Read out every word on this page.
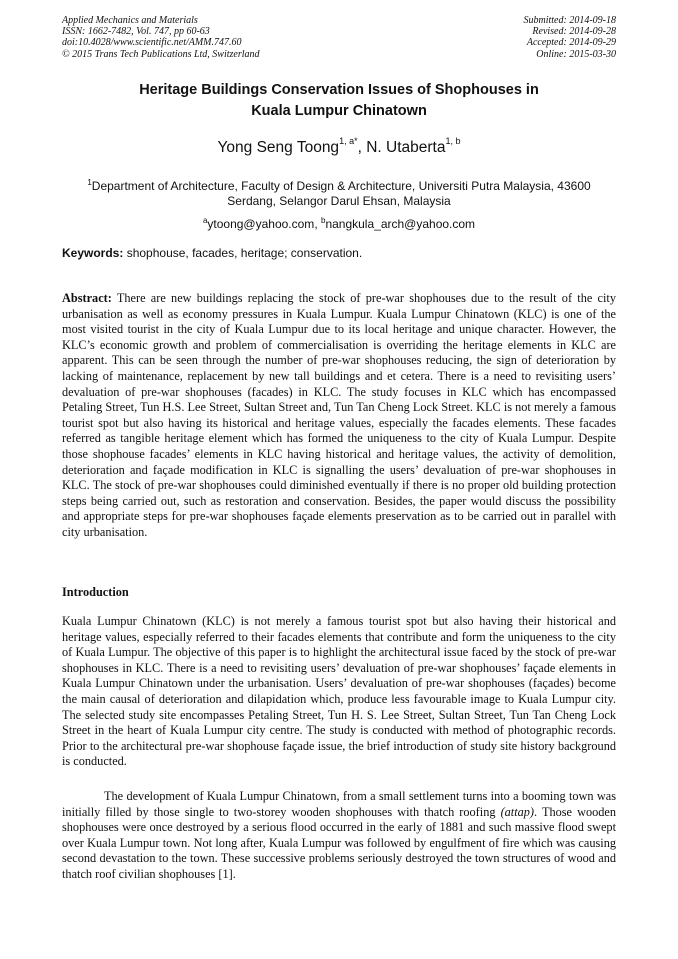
Applied Mechanics and Materials
ISSN: 1662-7482, Vol. 747, pp 60-63
doi:10.4028/www.scientific.net/AMM.747.60
© 2015 Trans Tech Publications Ltd, Switzerland
Submitted: 2014-09-18
Revised: 2014-09-28
Accepted: 2014-09-29
Online: 2015-03-30
Heritage Buildings Conservation Issues of Shophouses in
Kuala Lumpur Chinatown
Yong Seng Toong$^{1, a*}$, N. Utaberta$^{1, b}$
$^1$Department of Architecture, Faculty of Design & Architecture, Universiti Putra Malaysia, 43600
Serdang, Selangor Darul Ehsan, Malaysia
$^a$ytoong@yahoo.com, $^b$nangkula_arch@yahoo.com
Keywords: shophouse, facades, heritage; conservation.
Abstract: There are new buildings replacing the stock of pre-war shophouses due to the result of the city urbanisation as well as economy pressures in Kuala Lumpur. Kuala Lumpur Chinatown (KLC) is one of the most visited tourist in the city of Kuala Lumpur due to its local heritage and unique character. However, the KLC’s economic growth and problem of commercialisation is overriding the heritage elements in KLC are apparent. This can be seen through the number of pre-war shophouses reducing, the sign of deterioration by lacking of maintenance, replacement by new tall buildings and et cetera. There is a need to revisiting users’ devaluation of pre-war shophouses (facades) in KLC. The study focuses in KLC which has encompassed Petaling Street, Tun H.S. Lee Street, Sultan Street and, Tun Tan Cheng Lock Street. KLC is not merely a famous tourist spot but also having its historical and heritage values, especially the facades elements. These facades referred as tangible heritage element which has formed the uniqueness to the city of Kuala Lumpur. Despite those shophouse facades’ elements in KLC having historical and heritage values, the activity of demolition, deterioration and façade modification in KLC is signalling the users’ devaluation of pre-war shophouses in KLC. The stock of pre-war shophouses could diminished eventually if there is no proper old building protection steps being carried out, such as restoration and conservation. Besides, the paper would discuss the possibility and appropriate steps for pre-war shophouses façade elements preservation as to be carried out in parallel with city urbanisation.
Introduction
Kuala Lumpur Chinatown (KLC) is not merely a famous tourist spot but also having their historical and heritage values, especially referred to their facades elements that contribute and form the uniqueness to the city of Kuala Lumpur. The objective of this paper is to highlight the architectural issue faced by the stock of pre-war shophouses in KLC. There is a need to revisiting users’ devaluation of pre-war shophouses’ façade elements in Kuala Lumpur Chinatown under the urbanisation. Users’ devaluation of pre-war shophouses (façades) become the main causal of deterioration and dilapidation which, produce less favourable image to Kuala Lumpur city. The selected study site encompasses Petaling Street, Tun H. S. Lee Street, Sultan Street, Tun Tan Cheng Lock Street in the heart of Kuala Lumpur city centre. The study is conducted with method of photographic records. Prior to the architectural pre-war shophouse façade issue, the brief introduction of study site history background is conducted.
The development of Kuala Lumpur Chinatown, from a small settlement turns into a booming town was initially filled by those single to two-storey wooden shophouses with thatch roofing (attap). Those wooden shophouses were once destroyed by a serious flood occurred in the early of 1881 and such massive flood swept over Kuala Lumpur town. Not long after, Kuala Lumpur was followed by engulfment of fire which was causing second devastation to the town. These successive problems seriously destroyed the town structures of wood and thatch roof civilian shophouses [1].
